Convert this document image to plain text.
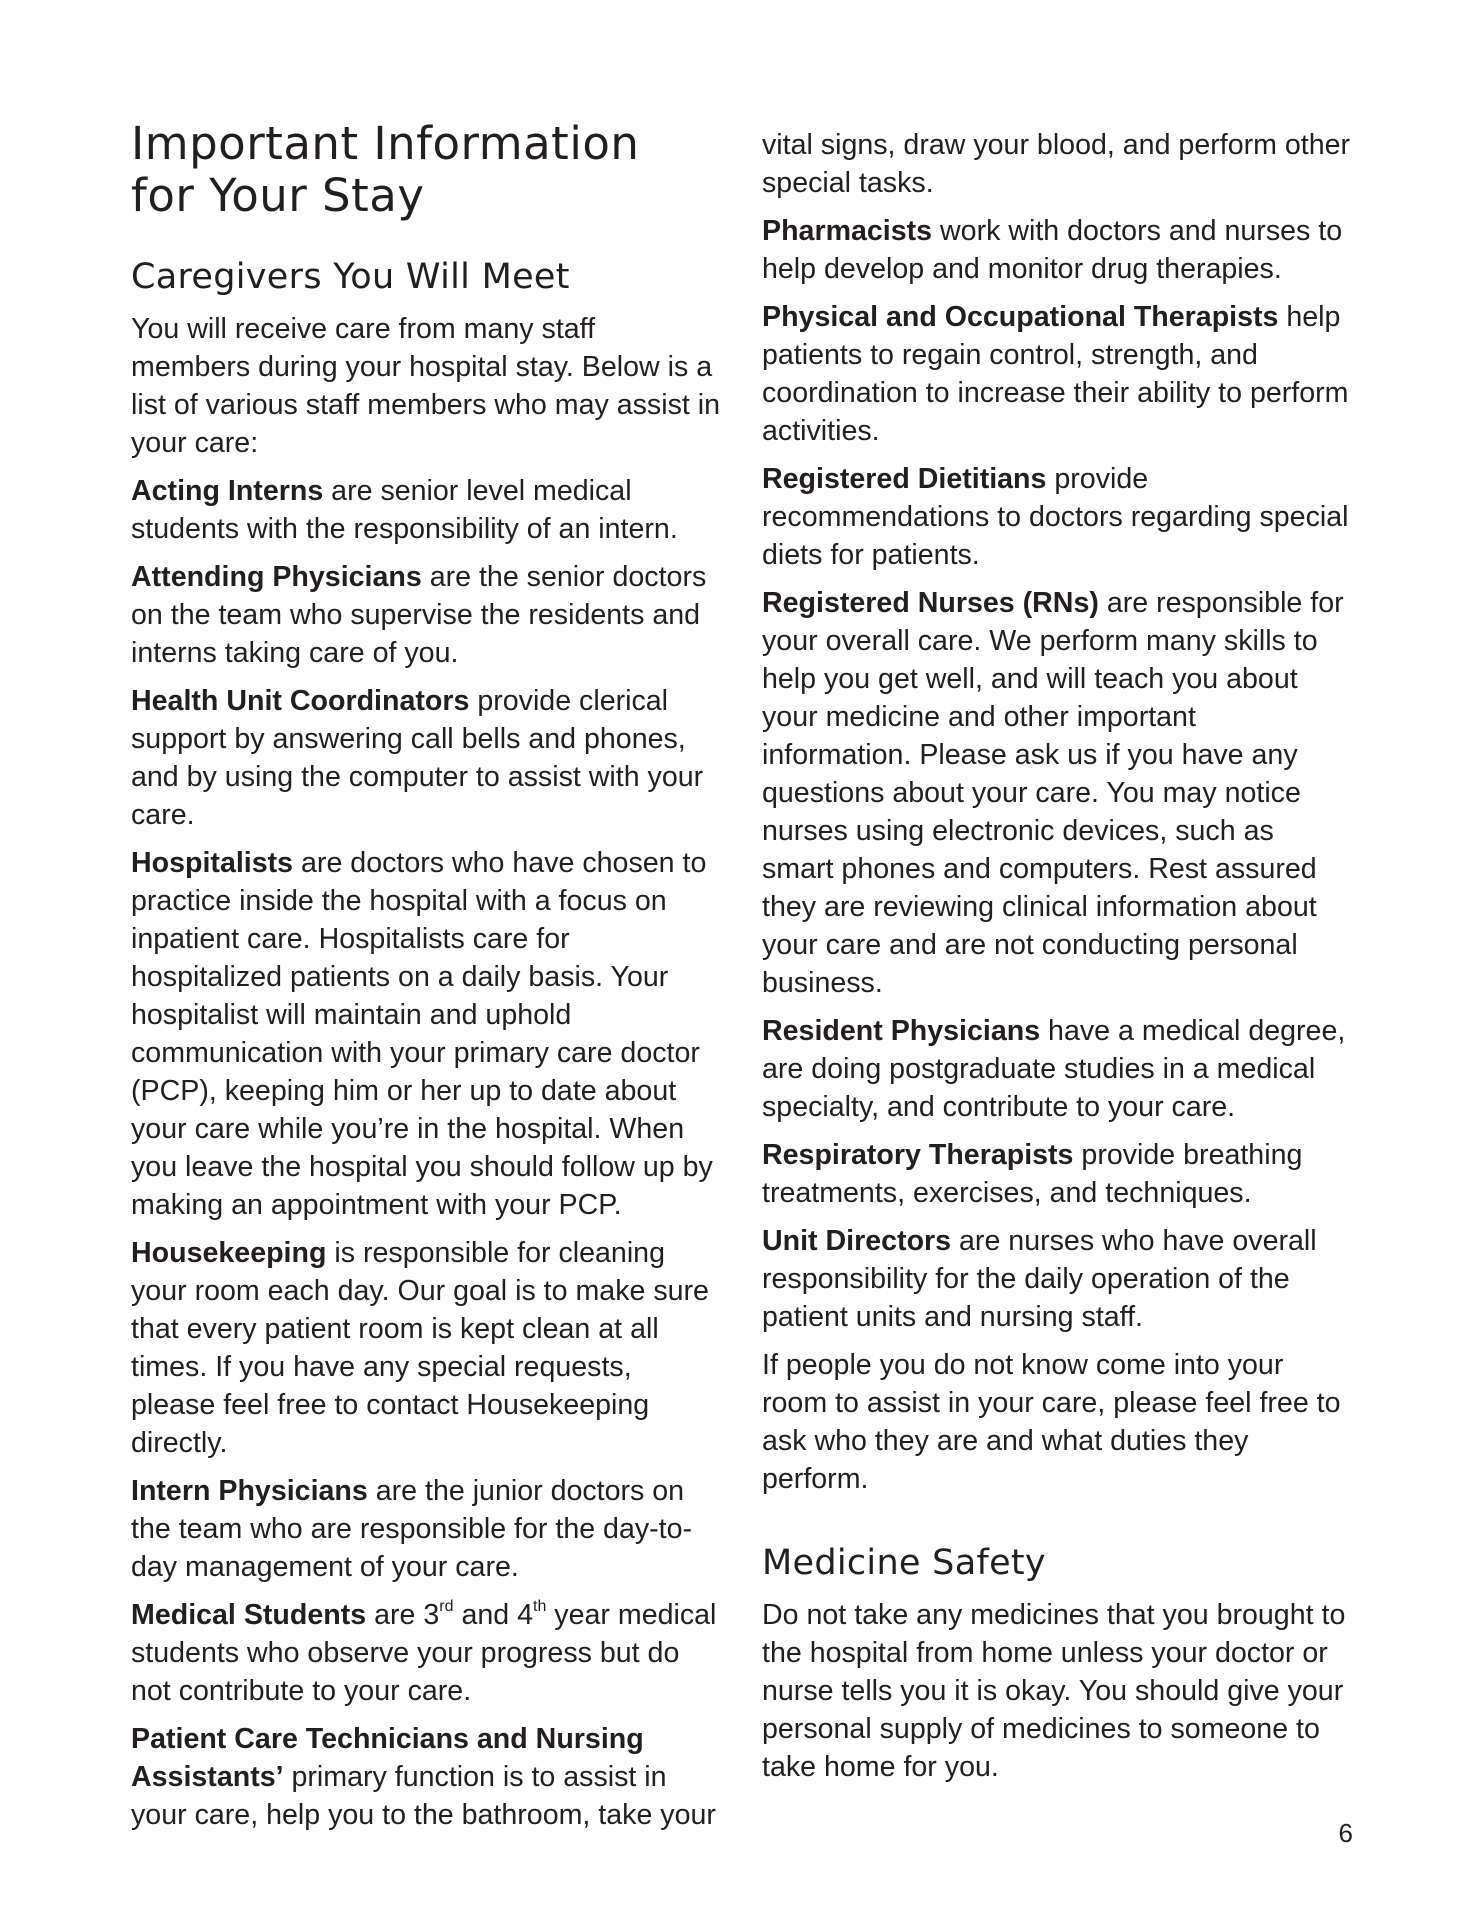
Important Information
for Your Stay
Caregivers You Will Meet

You will receive care from many staff members during your hospital stay. Below is a list of various staff members who may assist in your care:

Acting Interns are senior level medical students with the responsibility of an intern.

Attending Physicians are the senior doctors on the team who supervise the residents and interns taking care of you.

Health Unit Coordinators provide clerical support by answering call bells and phones, and by using the computer to assist with your care.

Hospitalists are doctors who have chosen to practice inside the hospital with a focus on inpatient care. Hospitalists care for hospitalized patients on a daily basis. Your hospitalist will maintain and uphold communication with your primary care doctor (PCP), keeping him or her up to date about your care while you’re in the hospital. When you leave the hospital you should follow up by making an appointment with your PCP.

Housekeeping is responsible for cleaning your room each day. Our goal is to make sure that every patient room is kept clean at all times. If you have any special requests, please feel free to contact Housekeeping directly.

Intern Physicians are the junior doctors on the team who are responsible for the day-to-day management of your care.

Medical Students are 3rd and 4th year medical students who observe your progress but do not contribute to your care.

Patient Care Technicians and Nursing Assistants’ primary function is to assist in your care, help you to the bathroom, take your

vital signs, draw your blood, and perform other special tasks.

Pharmacists work with doctors and nurses to help develop and monitor drug therapies.

Physical and Occupational Therapists help patients to regain control, strength, and coordination to increase their ability to perform activities.

Registered Dietitians provide recommendations to doctors regarding special diets for patients.

Registered Nurses (RNs) are responsible for your overall care. We perform many skills to help you get well, and will teach you about your medicine and other important information. Please ask us if you have any questions about your care. You may notice nurses using electronic devices, such as smart phones and computers. Rest assured they are reviewing clinical information about your care and are not conducting personal business.

Resident Physicians have a medical degree, are doing postgraduate studies in a medical specialty, and contribute to your care.

Respiratory Therapists provide breathing treatments, exercises, and techniques.

Unit Directors are nurses who have overall responsibility for the daily operation of the patient units and nursing staff.

If people you do not know come into your room to assist in your care, please feel free to ask who they are and what duties they perform.

Medicine Safety

Do not take any medicines that you brought to the hospital from home unless your doctor or nurse tells you it is okay. You should give your personal supply of medicines to someone to take home for you.

6
